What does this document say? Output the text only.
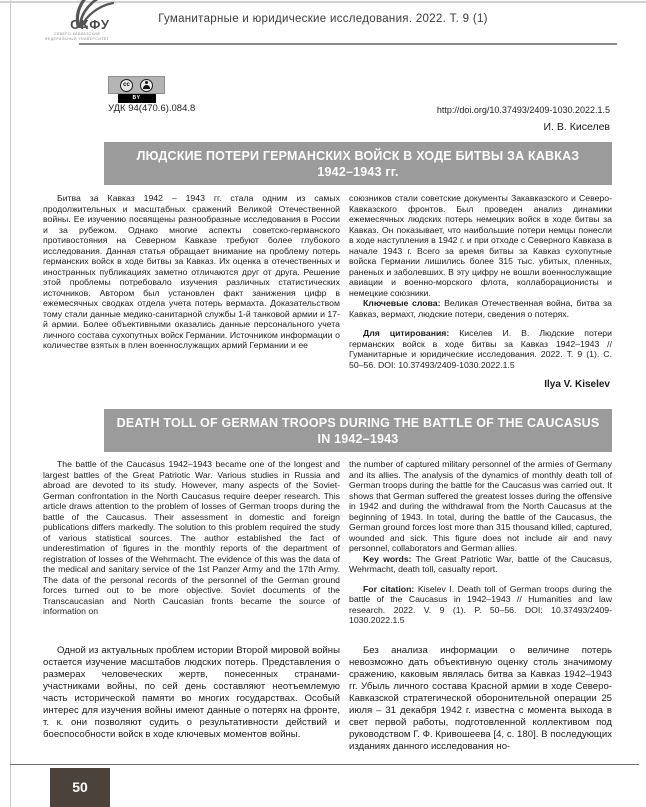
СКФУ
СЕВЕРО-КАВКАЗСКИЙ
ФЕДЕРАЛЬНЫЙ УНИВЕРСИТЕТ
Гуманитарные и юридические исследования. 2022. Т. 9 (1)
cc
BY
УДК 94(470.6).084.8	http://doi.org/10.37493/2409-1030.2022.1.5
И. В. Киселев
ЛЮДСКИЕ ПОТЕРИ ГЕРМАНСКИХ ВОЙСК В ХОДЕ БИТВЫ ЗА КАВКАЗ
1942–1943 гг.

Битва за Кавказ 1942 – 1943 гг. стала одним из самых продолжительных и масштабных сражений Великой Отечественной войны. Ее изучению посвящены разнообразные исследования в России и за рубежом. Однако многие аспекты советско-германского противостояния на Северном Кавказе требуют более глубокого исследования. Данная статья обращает внимание на проблему потерь германских войск в ходе битвы за Кавказ. Их оценка в отечественных и иностранных публикациях заметно отличаются друг от друга. Решение этой проблемы потребовало изучения различных статистических источников. Автором был установлен факт занижения цифр в ежемесячных сводках отдела учета потерь вермахта. Доказательством тому стали данные медико-санитарной службы 1-й танковой армии и 17-й армии. Более объективными оказались данные персонального учета личного состава сухопутных войск Германии. Источником информации о количестве взятых в плен военнослужащих армий Германии и ее

союзников стали советские документы Закавказского и Северо-Кавказского фронтов. Был проведен анализ динамики ежемесячных людских потерь немецких войск в ходе битвы за Кавказ. Он показывает, что наибольшие потери немцы понесли в ходе наступления в 1942 г. и при отходе с Северного Кавказа в начале 1943 г. Всего за время битвы за Кавказ сухопутные войска Германии лишились более 315 тыс. убитых, пленных, раненых и заболевших. В эту цифру не вошли военнослужащие авиации и военно-морского флота, коллаборационисты и немецкие союзники.

Ключевые слова: Великая Отечественная война, битва за Кавказ, вермахт, людские потери, сведения о потерях.

Для цитирования: Киселев И. В. Людские потери германских войск в ходе битвы за Кавказ 1942–1943 // Гуманитарные и юридические исследования. 2022. Т. 9 (1). С. 50–56. DOI: 10.37493/2409-1030.2022.1.5

Ilya V. Kiselev
DEATH TOLL OF GERMAN TROOPS DURING THE BATTLE OF THE CAUCASUS
IN 1942–1943

The battle of the Caucasus 1942–1943 became one of the longest and largest battles of the Great Patriotic War. Various studies in Russia and abroad are devoted to its study. However, many aspects of the Soviet-German confrontation in the North Caucasus require deeper research. This article draws attention to the problem of losses of German troops during the battle of the Caucasus. Their assessment in domestic and foreign publications differs markedly. The solution to this problem required the study of various statistical sources. The author established the fact of underestimation of figures in the monthly reports of the department of registration of losses of the Wehrmacht. The evidence of this was the data of the medical and sanitary service of the 1st Panzer Army and the 17th Army. The data of the personal records of the personnel of the German ground forces turned out to be more objective. Soviet documents of the Transcaucasian and North Caucasian fronts became the source of information on

the number of captured military personnel of the armies of Germany and its allies. The analysis of the dynamics of monthly death toll of German troops during the battle for the Caucasus was carried out. It shows that German suffered the greatest losses during the offensive in 1942 and during the withdrawal from the North Caucasus at the beginning of 1943. In total, during the battle of the Caucasus, the German ground forces lost more than 315 thousand killed, captured, wounded and sick. This figure does not include air and navy personnel, collaborators and German allies.

Key words: The Great Patriotic War, battle of the Caucasus, Wehrmacht, death toll, casualty report.

For citation: Kiselev I. Death toll of German troops during the battle of the Caucasus in 1942–1943 // Humanities and law research. 2022. V. 9 (1). P. 50–56. DOI: 10.37493/2409-1030.2022.1.5

Одной из актуальных проблем истории Второй мировой войны остается изучение масштабов людских потерь. Представления о размерах человеческих жертв, понесенных странами-участниками войны, по сей день составляют неотъемлемую часть исторической памяти во многих государствах. Особый интерес для изучения войны имеют данные о потерях на фронте, т. к. они позволяют судить о результативности действий и боеспособности войск в ходе ключевых моментов войны.

Без анализа информации о величине потерь невозможно дать объективную оценку столь значимому сражению, каковым являлась битва за Кавказ 1942–1943 гг. Убыль личного состава Красной армии в ходе Северо-Кавказской стратегической оборонительной операции 25 июля – 31 декабря 1942 г. известна с момента выхода в свет первой работы, подготовленной коллективом под руководством Г. Ф. Кривошеева [4, с. 180]. В последующих изданиях данного исследования но-

50
